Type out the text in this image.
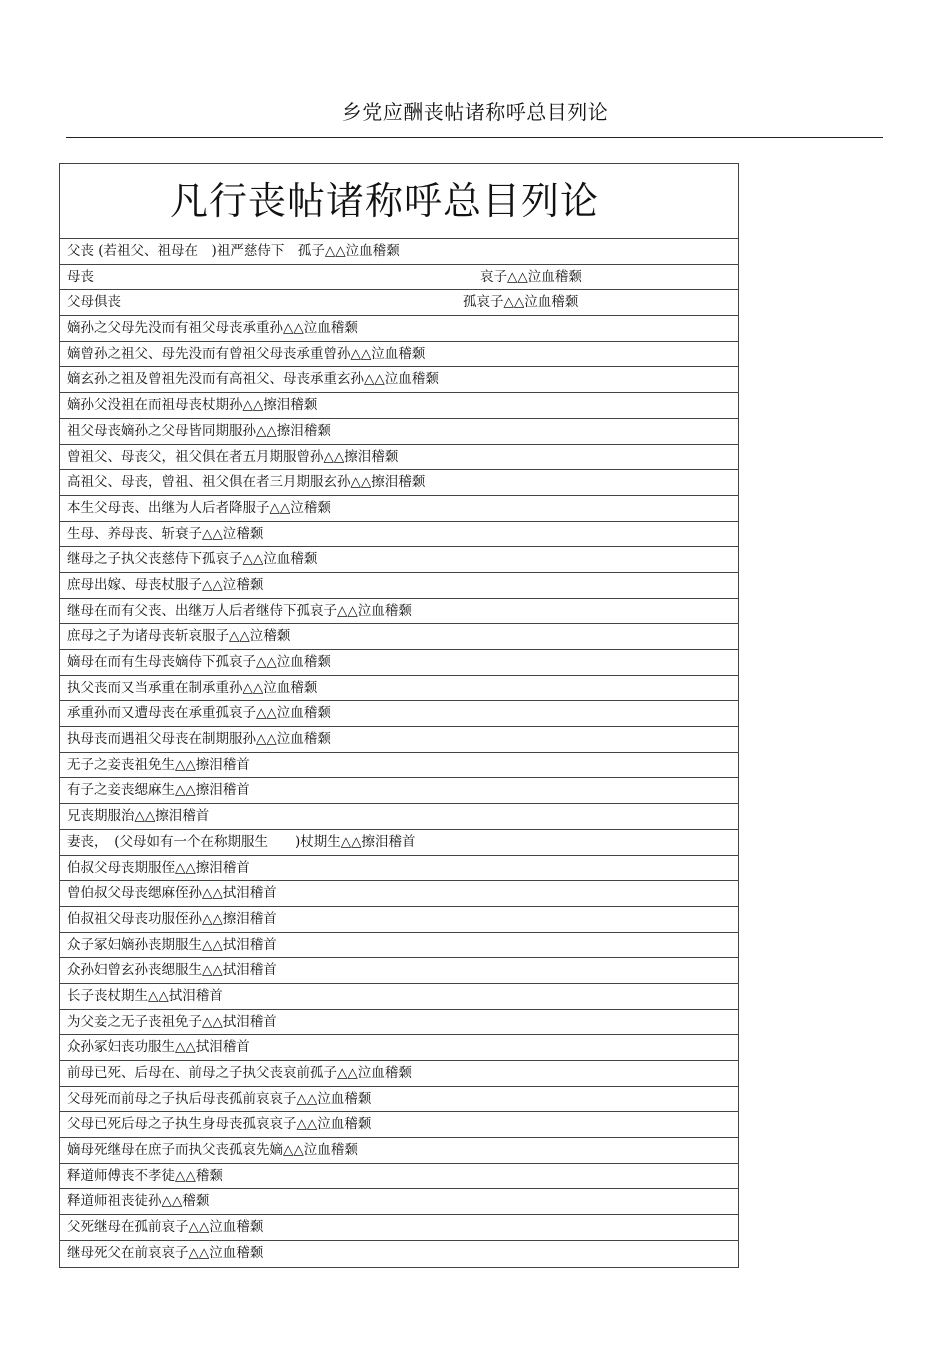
乡党应酬丧帖诸称呼总目列论
凡行丧帖诸称呼总目列论
父丧 (若祖父、祖母在　)祖严慈侍下　孤子△△泣血稽颡
母丧	哀子△△泣血稽颡
父母俱丧	孤哀子△△泣血稽颡
嫡孙之父母先没而有祖父母丧承重孙△△泣血稽颡
嫡曾孙之祖父、母先没而有曾祖父母丧承重曾孙△△泣血稽颡
嫡玄孙之祖及曾祖先没而有高祖父、母丧承重玄孙△△泣血稽颡
嫡孙父没祖在而祖母丧杖期孙△△擦泪稽颡
祖父母丧嫡孙之父母皆同期服孙△△擦泪稽颡
曾祖父、母丧父，祖父俱在者五月期服曾孙△△擦泪稽颡
高祖父、母丧，曾祖、祖父俱在者三月期服玄孙△△擦泪稽颡
本生父母丧、出继为人后者降服子△△泣稽颡
生母、养母丧、斩衰子△△泣稽颡
继母之子执父丧慈侍下孤哀子△△泣血稽颡
庶母出嫁、母丧杖服子△△泣稽颡
继母在而有父丧、出继万人后者继侍下孤哀子△△泣血稽颡
庶母之子为诸母丧斩哀服子△△泣稽颡
嫡母在而有生母丧嫡侍下孤哀子△△泣血稽颡
执父丧而又当承重在制承重孙△△泣血稽颡
承重孙而又遭母丧在承重孤哀子△△泣血稽颡
执母丧而遇祖父母丧在制期服孙△△泣血稽颡
无子之妾丧祖免生△△擦泪稽首
有子之妾丧缌麻生△△擦泪稽首
兄丧期服治△△擦泪稽首
妻丧，　(父母如有一个在称期服生　　)杖期生△△擦泪稽首
伯叔父母丧期服侄△△擦泪稽首
曾伯叔父母丧缌麻侄孙△△拭泪稽首
伯叔祖父母丧功服侄孙△△擦泪稽首
众子冢妇嫡孙丧期服生△△拭泪稽首
众孙妇曾玄孙丧缌服生△△拭泪稽首
长子丧杖期生△△拭泪稽首
为父妾之无子丧祖免子△△拭泪稽首
众孙冢妇丧功服生△△拭泪稽首
前母已死、后母在、前母之子执父丧哀前孤子△△泣血稽颡
父母死而前母之子执后母丧孤前哀哀子△△泣血稽颡
父母已死后母之子执生身母丧孤哀哀子△△泣血稽颡
嫡母死继母在庶子而执父丧孤哀先嫡△△泣血稽颡
释道师傅丧不孝徒△△稽颡
释道师祖丧徒孙△△稽颡
父死继母在孤前哀子△△泣血稽颡
继母死父在前哀哀子△△泣血稽颡
